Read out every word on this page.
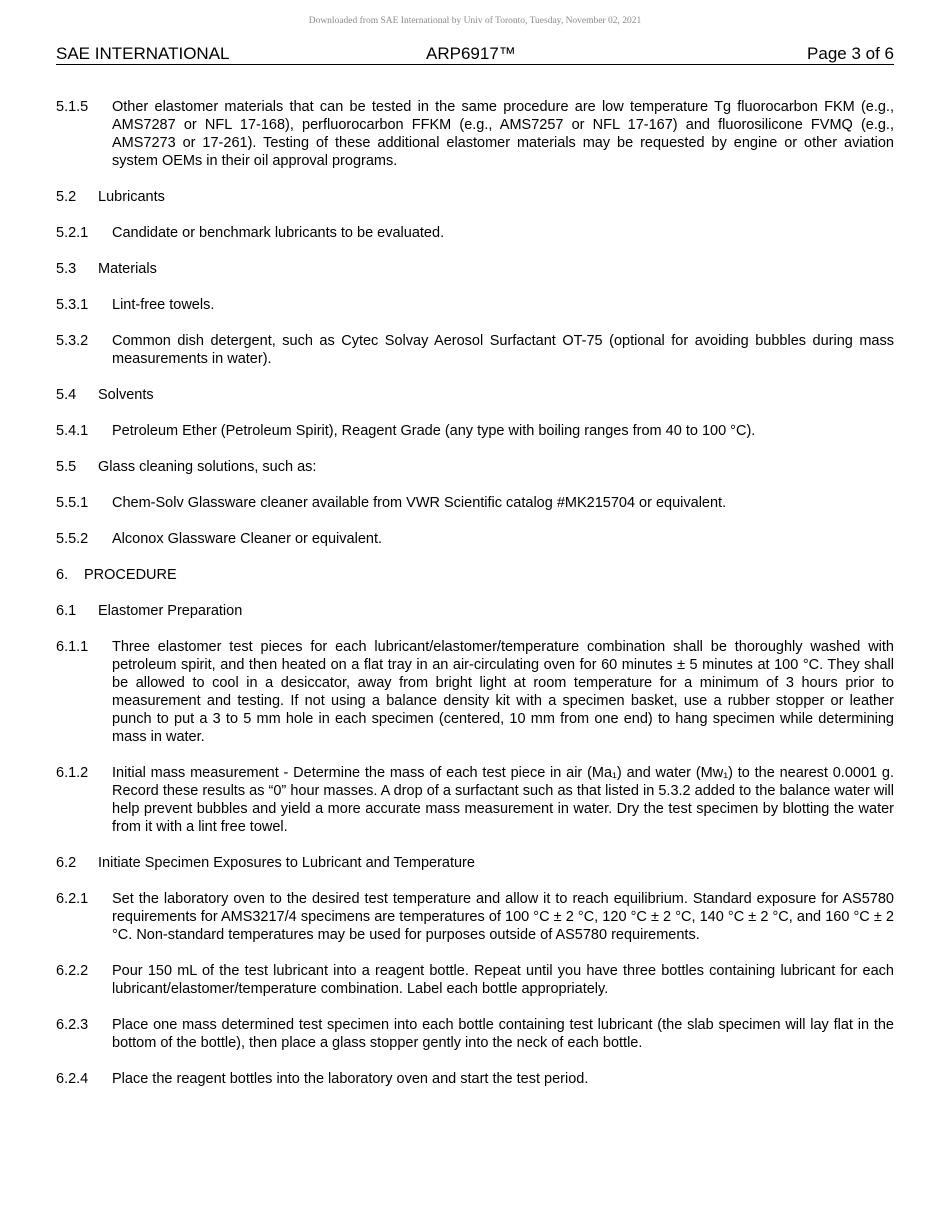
Downloaded from SAE International by Univ of Toronto, Tuesday, November 02, 2021
SAE INTERNATIONAL	ARP6917™	Page 3 of 6
5.1.5 Other elastomer materials that can be tested in the same procedure are low temperature Tg fluorocarbon FKM (e.g., AMS7287 or NFL 17-168), perfluorocarbon FFKM (e.g., AMS7257 or NFL 17-167) and fluorosilicone FVMQ (e.g., AMS7273 or 17-261). Testing of these additional elastomer materials may be requested by engine or other aviation system OEMs in their oil approval programs.
5.2 Lubricants
5.2.1 Candidate or benchmark lubricants to be evaluated.
5.3 Materials
5.3.1 Lint-free towels.
5.3.2 Common dish detergent, such as Cytec Solvay Aerosol Surfactant OT-75 (optional for avoiding bubbles during mass measurements in water).
5.4 Solvents
5.4.1 Petroleum Ether (Petroleum Spirit), Reagent Grade (any type with boiling ranges from 40 to 100 °C).
5.5 Glass cleaning solutions, such as:
5.5.1 Chem-Solv Glassware cleaner available from VWR Scientific catalog #MK215704 or equivalent.
5.5.2 Alconox Glassware Cleaner or equivalent.
6. PROCEDURE
6.1 Elastomer Preparation
6.1.1 Three elastomer test pieces for each lubricant/elastomer/temperature combination shall be thoroughly washed with petroleum spirit, and then heated on a flat tray in an air-circulating oven for 60 minutes ± 5 minutes at 100 °C. They shall be allowed to cool in a desiccator, away from bright light at room temperature for a minimum of 3 hours prior to measurement and testing. If not using a balance density kit with a specimen basket, use a rubber stopper or leather punch to put a 3 to 5 mm hole in each specimen (centered, 10 mm from one end) to hang specimen while determining mass in water.
6.1.2 Initial mass measurement - Determine the mass of each test piece in air (Ma₁) and water (Mw₁) to the nearest 0.0001 g. Record these results as “0” hour masses. A drop of a surfactant such as that listed in 5.3.2 added to the balance water will help prevent bubbles and yield a more accurate mass measurement in water. Dry the test specimen by blotting the water from it with a lint free towel.
6.2 Initiate Specimen Exposures to Lubricant and Temperature
6.2.1 Set the laboratory oven to the desired test temperature and allow it to reach equilibrium. Standard exposure for AS5780 requirements for AMS3217/4 specimens are temperatures of 100 °C ± 2 °C, 120 °C ± 2 °C, 140 °C ± 2 °C, and 160 °C ± 2 °C. Non-standard temperatures may be used for purposes outside of AS5780 requirements.
6.2.2 Pour 150 mL of the test lubricant into a reagent bottle. Repeat until you have three bottles containing lubricant for each lubricant/elastomer/temperature combination. Label each bottle appropriately.
6.2.3 Place one mass determined test specimen into each bottle containing test lubricant (the slab specimen will lay flat in the bottom of the bottle), then place a glass stopper gently into the neck of each bottle.
6.2.4 Place the reagent bottles into the laboratory oven and start the test period.
